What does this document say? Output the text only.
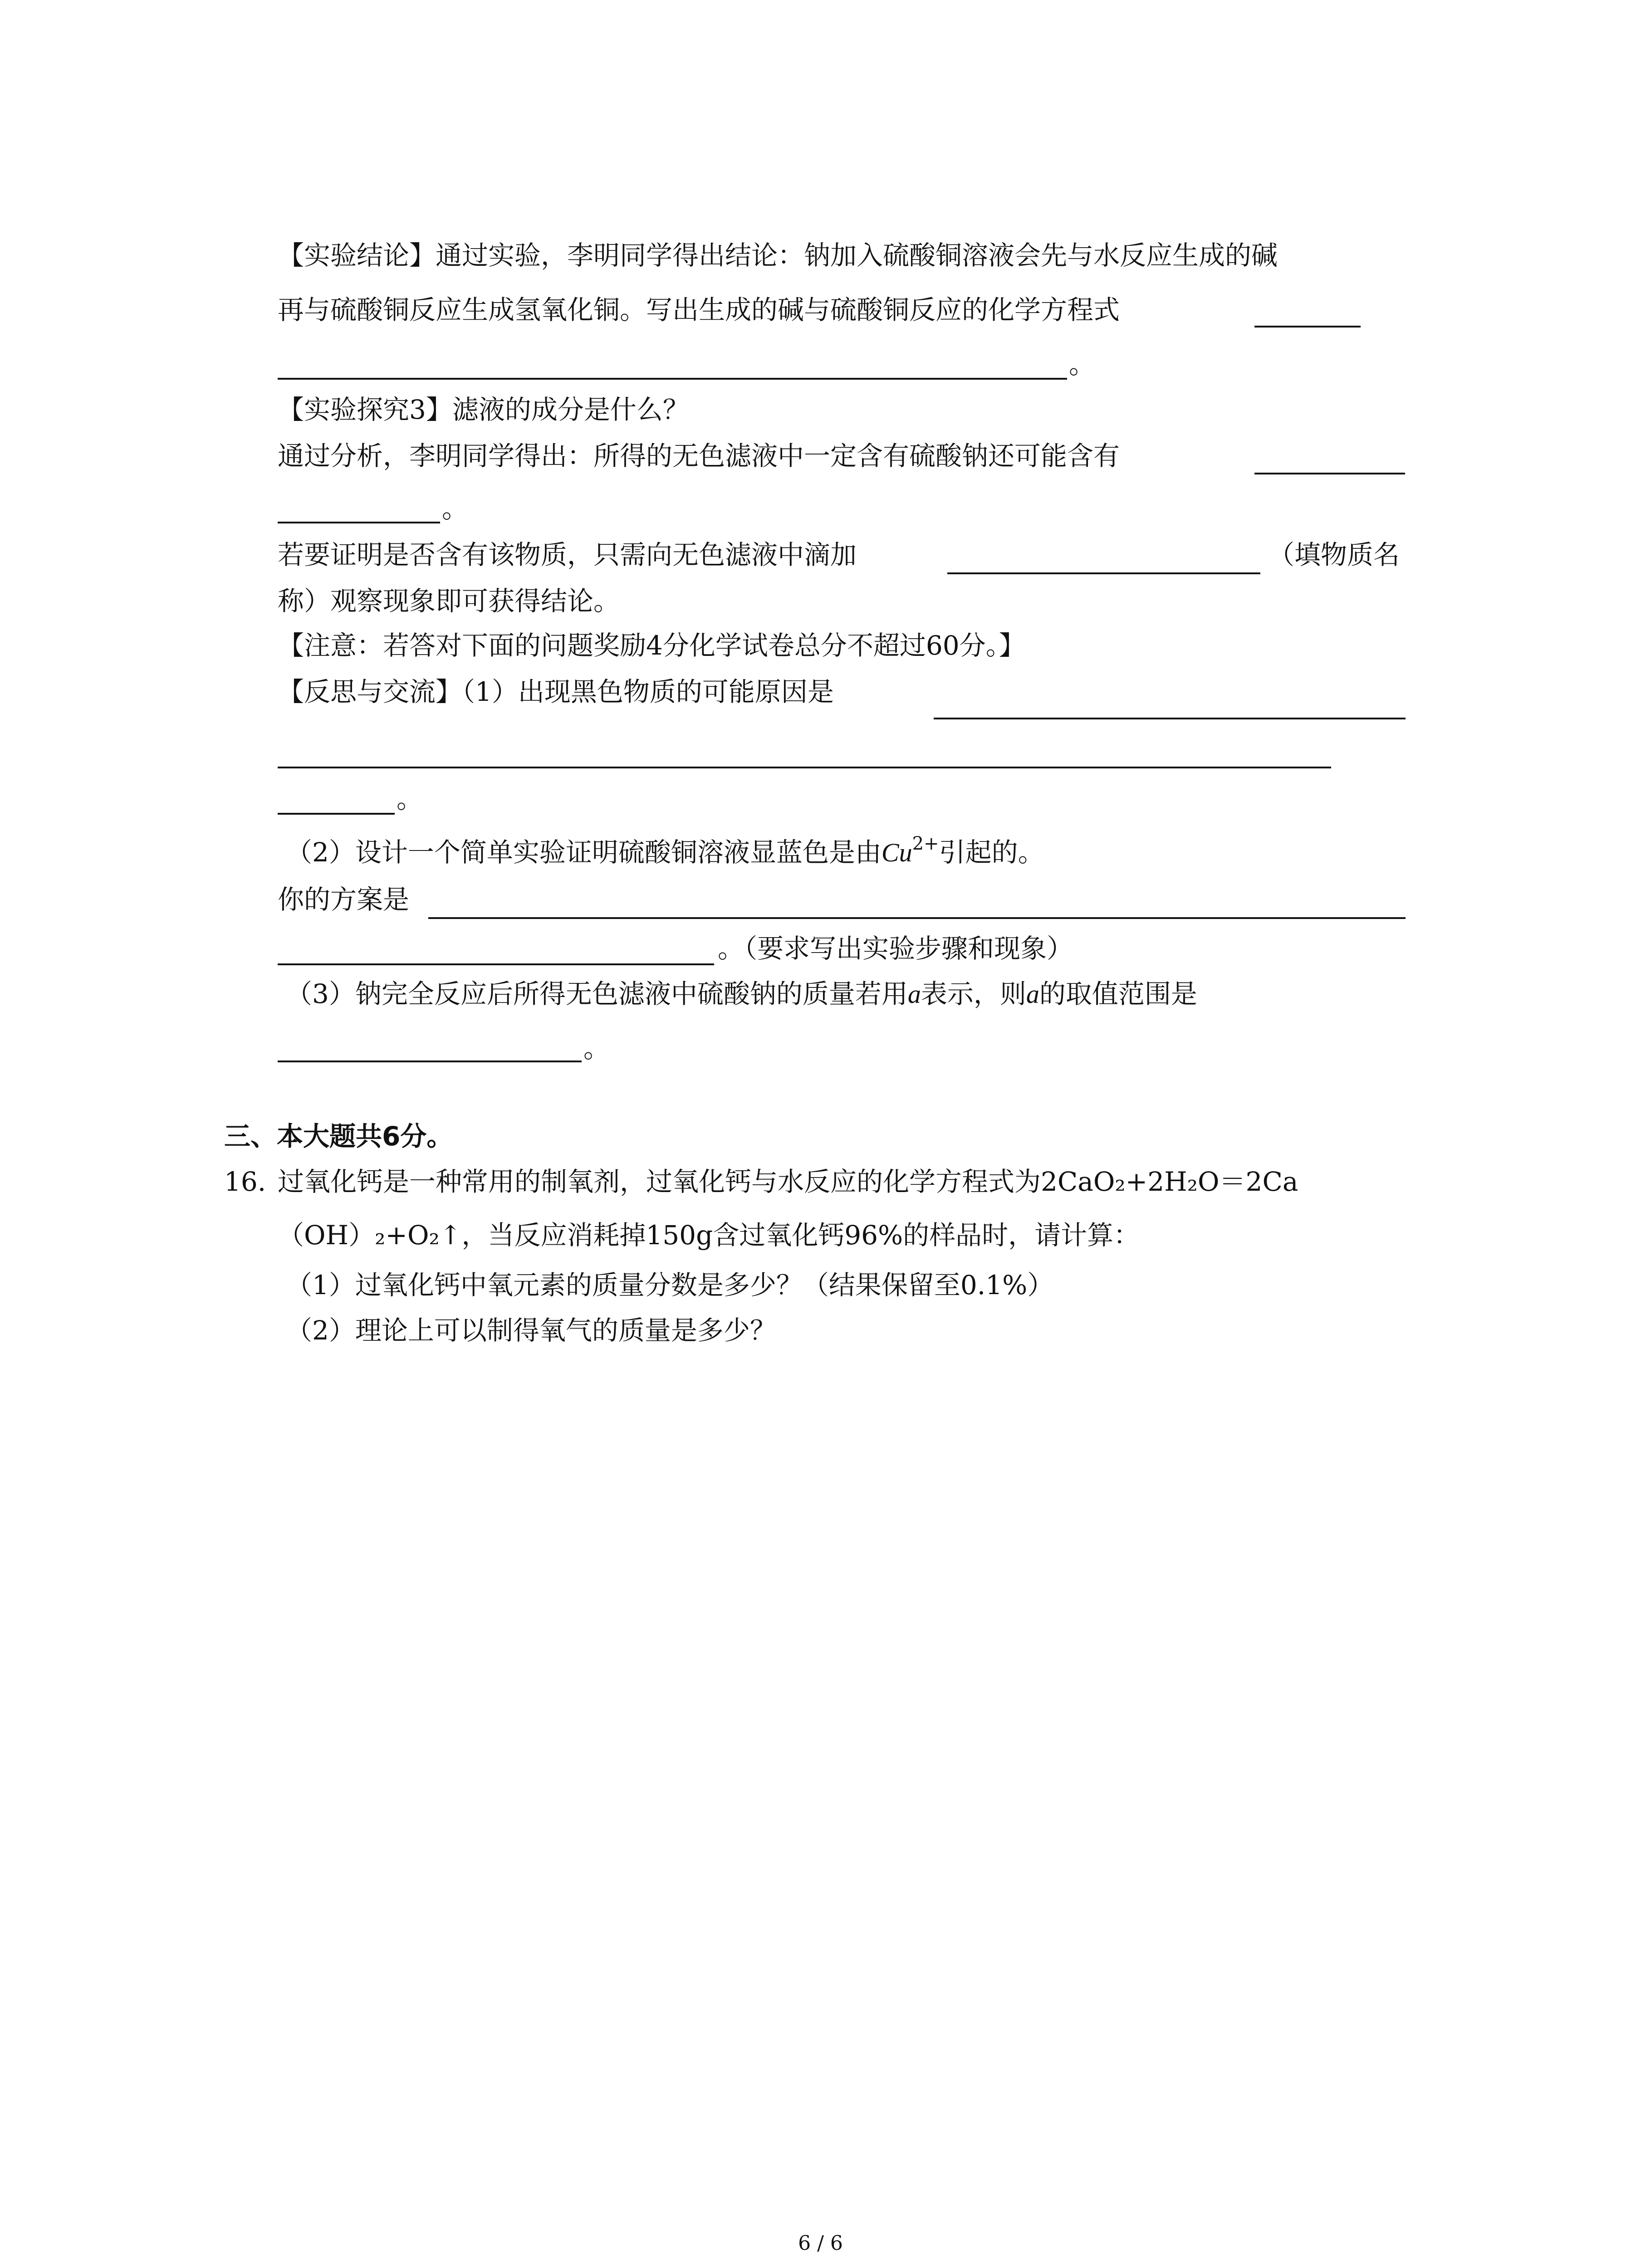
【实验结论】通过实验，李明同学得出结论：钠加入硫酸铜溶液会先与水反应生成的碱
再与硫酸铜反应生成氢氧化铜。写出生成的碱与硫酸铜反应的化学方程式
。
【实验探究3】滤液的成分是什么？
通过分析，李明同学得出：所得的无色滤液中一定含有硫酸钠还可能含有
。
若要证明是否含有该物质，只需向无色滤液中滴加	（填物质名
称）观察现象即可获得结论。
【注意：若答对下面的问题奖励4分化学试卷总分不超过60分。】
【反思与交流】（1）出现黑色物质的可能原因是
。
（2）设计一个简单实验证明硫酸铜溶液显蓝色是由$Cu^{2+}$引起的。
你的方案是
。（要求写出实验步骤和现象）
（3）钠完全反应后所得无色滤液中硫酸钠的质量若用a表示，则a的取值范围是
。
三、本大题共6分。
16. 过氧化钙是一种常用的制氧剂，过氧化钙与水反应的化学方程式为2CaO₂+2H₂O＝2Ca
（OH）₂+O₂↑，当反应消耗掉150g含过氧化钙96%的样品时，请计算：
（1）过氧化钙中氧元素的质量分数是多少？（结果保留至0.1%）
（2）理论上可以制得氧气的质量是多少？
6 / 6
